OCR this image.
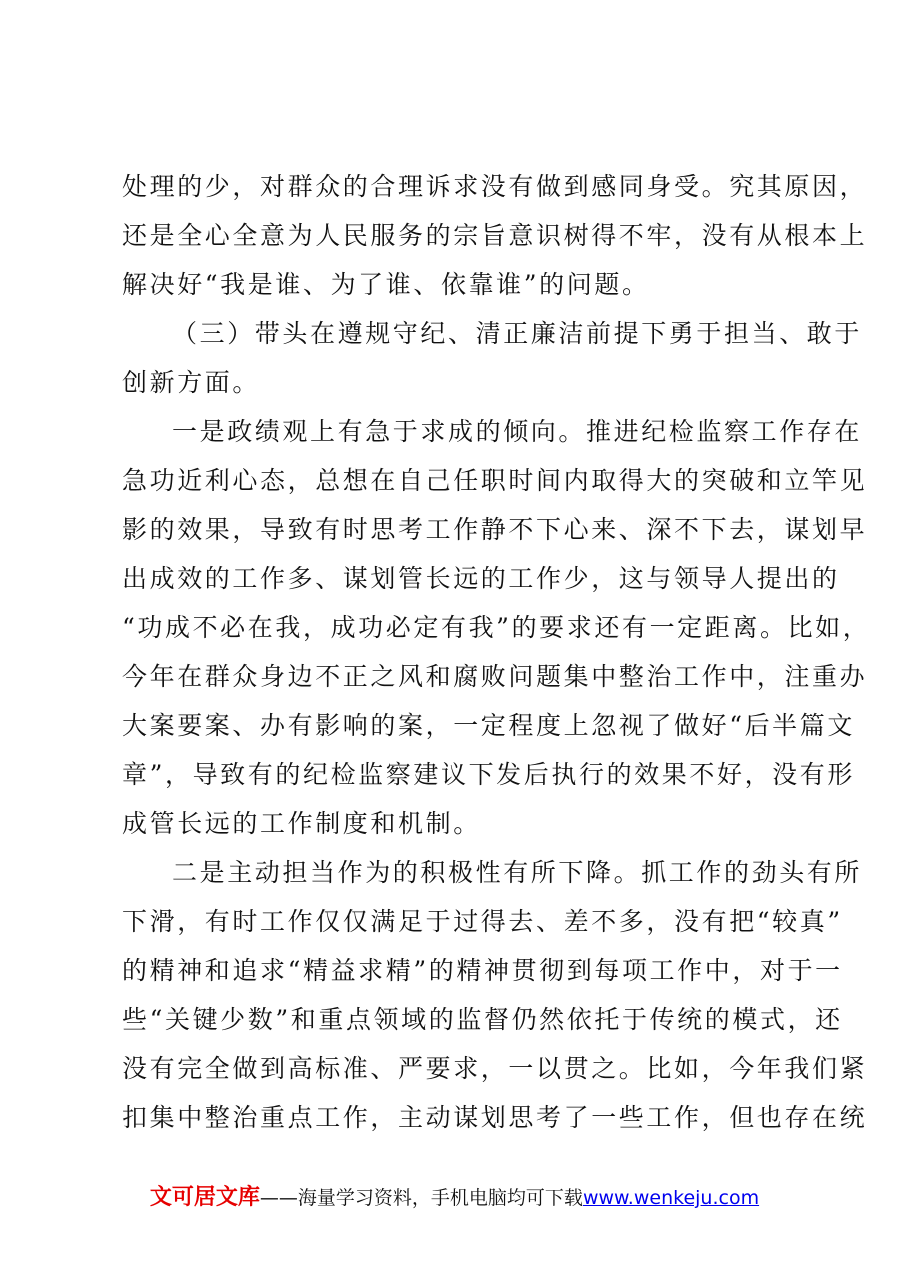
处理的少，对群众的合理诉求没有做到感同身受。究其原因，
还是全心全意为人民服务的宗旨意识树得不牢，没有从根本上
解决好“我是谁、为了谁、依靠谁”的问题。
（三）带头在遵规守纪、清正廉洁前提下勇于担当、敢于
创新方面。
一是政绩观上有急于求成的倾向。推进纪检监察工作存在
急功近利心态，总想在自己任职时间内取得大的突破和立竿见
影的效果，导致有时思考工作静不下心来、深不下去，谋划早
出成效的工作多、谋划管长远的工作少，这与领导人提出的
“功成不必在我，成功必定有我”的要求还有一定距离。比如，
今年在群众身边不正之风和腐败问题集中整治工作中，注重办
大案要案、办有影响的案，一定程度上忽视了做好“后半篇文
章”，导致有的纪检监察建议下发后执行的效果不好，没有形
成管长远的工作制度和机制。
二是主动担当作为的积极性有所下降。抓工作的劲头有所
下滑，有时工作仅仅满足于过得去、差不多，没有把“较真”
的精神和追求“精益求精”的精神贯彻到每项工作中，对于一
些“关键少数”和重点领域的监督仍然依托于传统的模式，还
没有完全做到高标准、严要求，一以贯之。比如，今年我们紧
扣集中整治重点工作，主动谋划思考了一些工作，但也存在统
文可居文库——海量学习资料，手机电脑均可下载www.wenkeju.com
